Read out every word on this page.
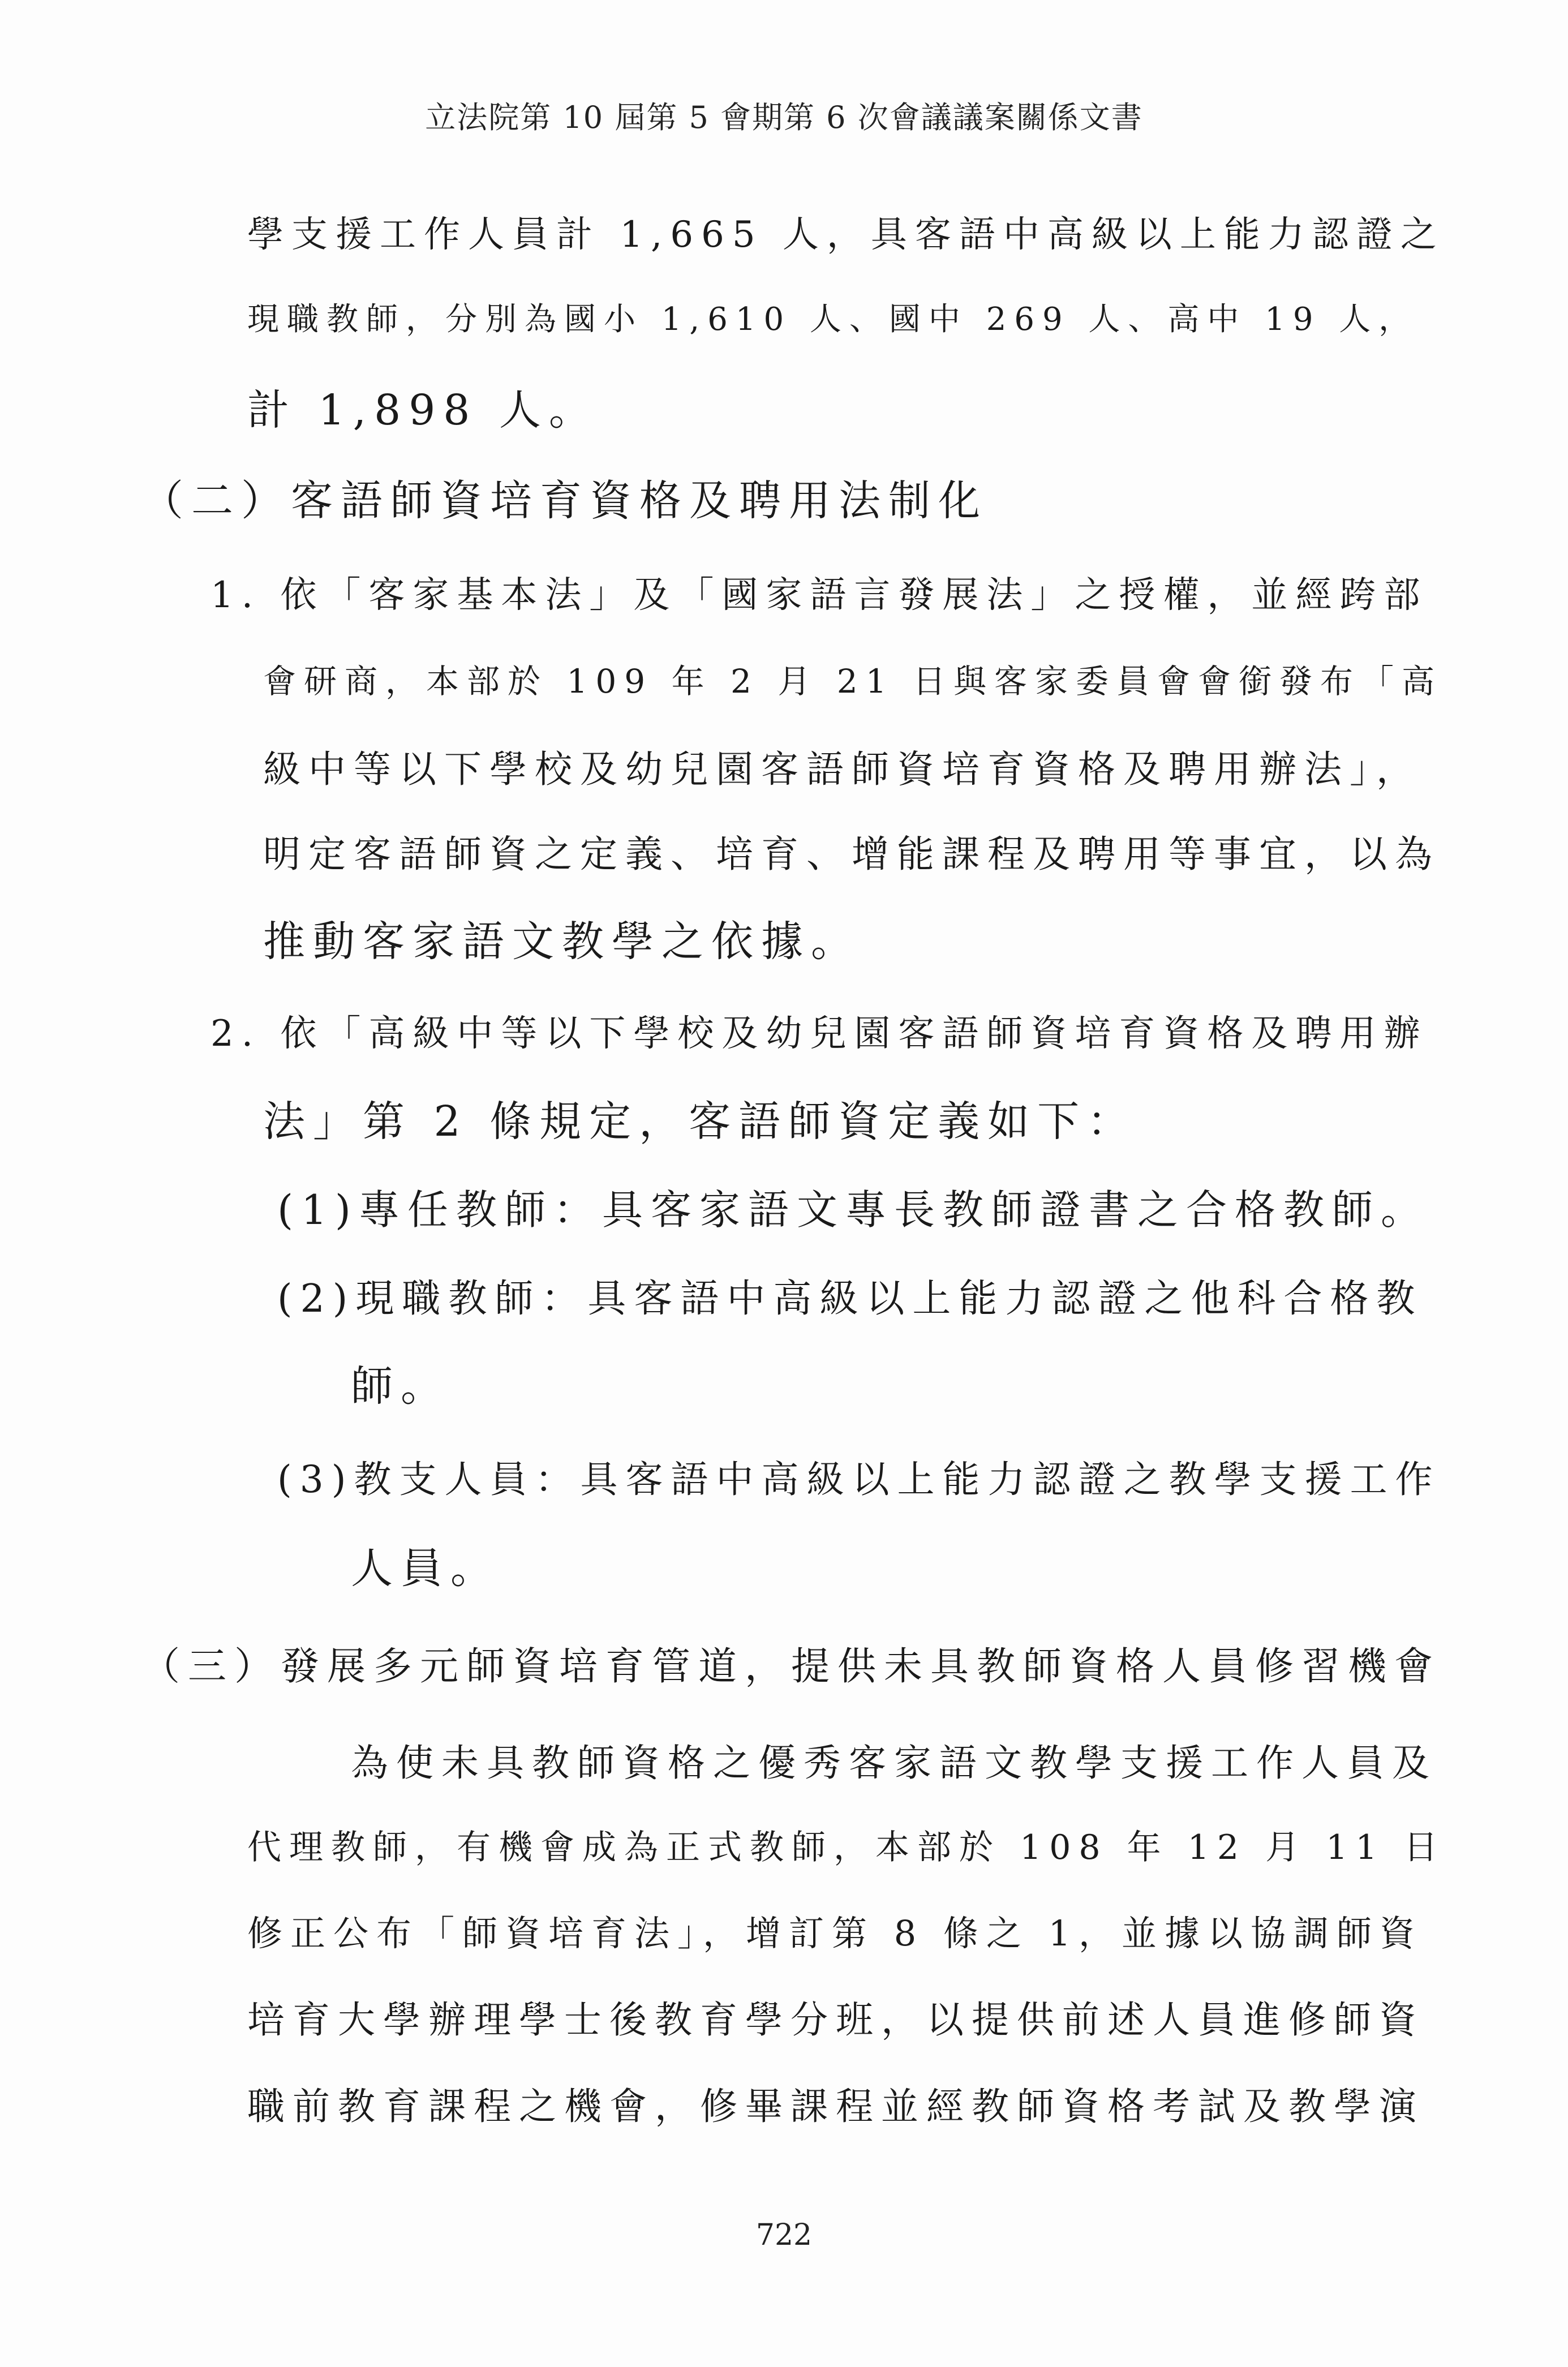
立法院第 10 屆第 5 會期第 6 次會議議案關係文書
學支援工作人員計 1,665 人，具客語中高級以上能力認證之
現職教師，分別為國小 1,610 人、國中 269 人、高中 19 人，
計 1,898 人。
（二）客語師資培育資格及聘用法制化
1. 依「客家基本法」及「國家語言發展法」之授權，並經跨部
會研商，本部於 109 年 2 月 21 日與客家委員會會銜發布「高
級中等以下學校及幼兒園客語師資培育資格及聘用辦法」，
明定客語師資之定義、培育、增能課程及聘用等事宜，以為
推動客家語文教學之依據。
2. 依「高級中等以下學校及幼兒園客語師資培育資格及聘用辦
法」第 2 條規定，客語師資定義如下：
(1)專任教師：具客家語文專長教師證書之合格教師。
(2)現職教師：具客語中高級以上能力認證之他科合格教
師。
(3)教支人員：具客語中高級以上能力認證之教學支援工作
人員。
（三）發展多元師資培育管道，提供未具教師資格人員修習機會
為使未具教師資格之優秀客家語文教學支援工作人員及
代理教師，有機會成為正式教師，本部於 108 年 12 月 11 日
修正公布「師資培育法」，增訂第 8 條之 1，並據以協調師資
培育大學辦理學士後教育學分班，以提供前述人員進修師資
職前教育課程之機會，修畢課程並經教師資格考試及教學演
722
